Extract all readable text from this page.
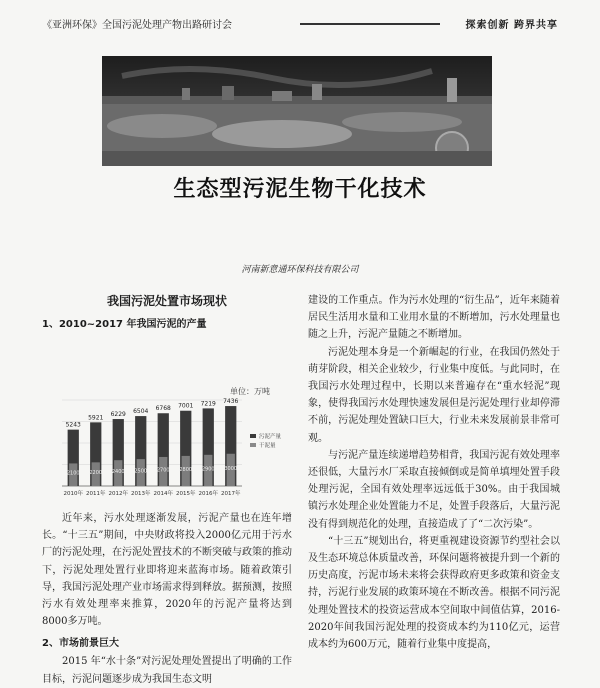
《亚洲环保》全国污泥处理产物出路研讨会	探索创新 跨界共享
生态型污泥生物干化技术
河南新意通环保科技有限公司
我国污泥处置市场现状
1、2010~2017 年我国污泥的产量
单位：万吨
5243
2100
2010年
5921
2200
2011年
6229
2400
2012年
6504
2500
2013年
6768
2700
2014年
7001
2800
2015年
7219
2900
2016年
7436
3000
2017年
污泥产量
干泥量

近年来，污水处理逐渐发展，污泥产量也在连年增长。“十三五”期间，中央财政将投入2000亿元用于污水厂的污泥处理，在污泥处置技术的不断突破与政策的推动下，污泥处理处置行业即将迎来蓝海市场。随着政策引导，我国污泥处理产业市场需求得到释放。据预测，按照污水有效处理率来推算，2020年的污泥产量将达到8000多万吨。

2、市场前景巨大

2015 年“水十条”对污泥处理处置提出了明确的工作目标，污泥问题逐步成为我国生态文明

建设的工作重点。作为污水处理的“衍生品”，近年来随着居民生活用水量和工业用水量的不断增加，污水处理量也随之上升，污泥产量随之不断增加。

污泥处理本身是一个新崛起的行业，在我国仍然处于萌芽阶段，相关企业较少，行业集中度低。与此同时，在我国污水处理过程中，长期以来普遍存在“重水轻泥”现象，使得我国污水处理快速发展但是污泥处理行业却停滞不前，污泥处理处置缺口巨大，行业未来发展前景非常可观。

与污泥产量连续递增趋势相背，我国污泥有效处理率还很低，大量污水厂采取直接倾倒或是简单填埋处置手段处理污泥，全国有效处理率远远低于30%。由于我国城镇污水处理企业处置能力不足，处置手段落后，大量污泥没有得到规范化的处理，直接造成了了“二次污染”。

“十三五”规划出台，将更重视建设资源节约型社会以及生态环境总体质量改善，环保问题将被提升到一个新的历史高度，污泥市场未来将会获得政府更多政策和资金支持，污泥行业发展的政策环境在不断改善。根据不同污泥处理处置技术的投资运营成本空间取中间值估算，2016-2020年间我国污泥处理的投资成本约为110亿元，运营成本约为600万元，随着行业集中度提高，
